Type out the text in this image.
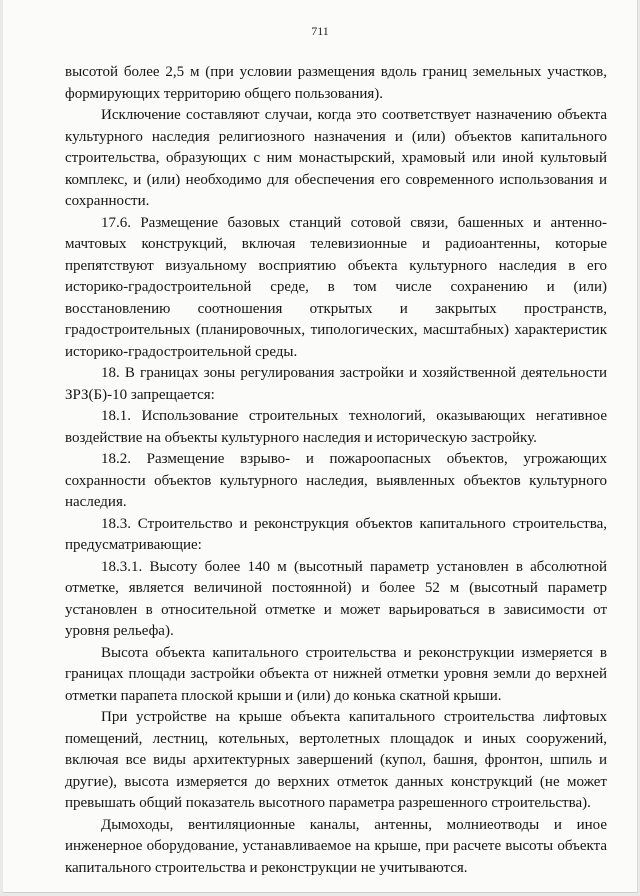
711

высотой более 2,5 м (при условии размещения вдоль границ земельных участков, формирующих территорию общего пользования).

Исключение составляют случаи, когда это соответствует назначению объекта культурного наследия религиозного назначения и (или) объектов капитального строительства, образующих с ним монастырский, храмовый или иной культовый комплекс, и (или) необходимо для обеспечения его современного использования и сохранности.

17.6. Размещение базовых станций сотовой связи, башенных и антенно-мачтовых конструкций, включая телевизионные и радиоантенны, которые препятствуют визуальному восприятию объекта культурного наследия в его историко-градостроительной среде, в том числе сохранению и (или) восстановлению соотношения открытых и закрытых пространств, градостроительных (планировочных, типологических, масштабных) характеристик историко-градостроительной среды.

18. В границах зоны регулирования застройки и хозяйственной деятельности ЗРЗ(Б)-10 запрещается:

18.1. Использование строительных технологий, оказывающих негативное воздействие на объекты культурного наследия и историческую застройку.

18.2. Размещение взрыво- и пожароопасных объектов, угрожающих сохранности объектов культурного наследия, выявленных объектов культурного наследия.

18.3. Строительство и реконструкция объектов капитального строительства, предусматривающие:

18.3.1. Высоту более 140 м (высотный параметр установлен в абсолютной отметке, является величиной постоянной) и более 52 м (высотный параметр установлен в относительной отметке и может варьироваться в зависимости от уровня рельефа).

Высота объекта капитального строительства и реконструкции измеряется в границах площади застройки объекта от нижней отметки уровня земли до верхней отметки парапета плоской крыши и (или) до конька скатной крыши.

При устройстве на крыше объекта капитального строительства лифтовых помещений, лестниц, котельных, вертолетных площадок и иных сооружений, включая все виды архитектурных завершений (купол, башня, фронтон, шпиль и другие), высота измеряется до верхних отметок данных конструкций (не может превышать общий показатель высотного параметра разрешенного строительства).

Дымоходы, вентиляционные каналы, антенны, молниеотводы и иное инженерное оборудование, устанавливаемое на крыше, при расчете высоты объекта капитального строительства и реконструкции не учитываются.
